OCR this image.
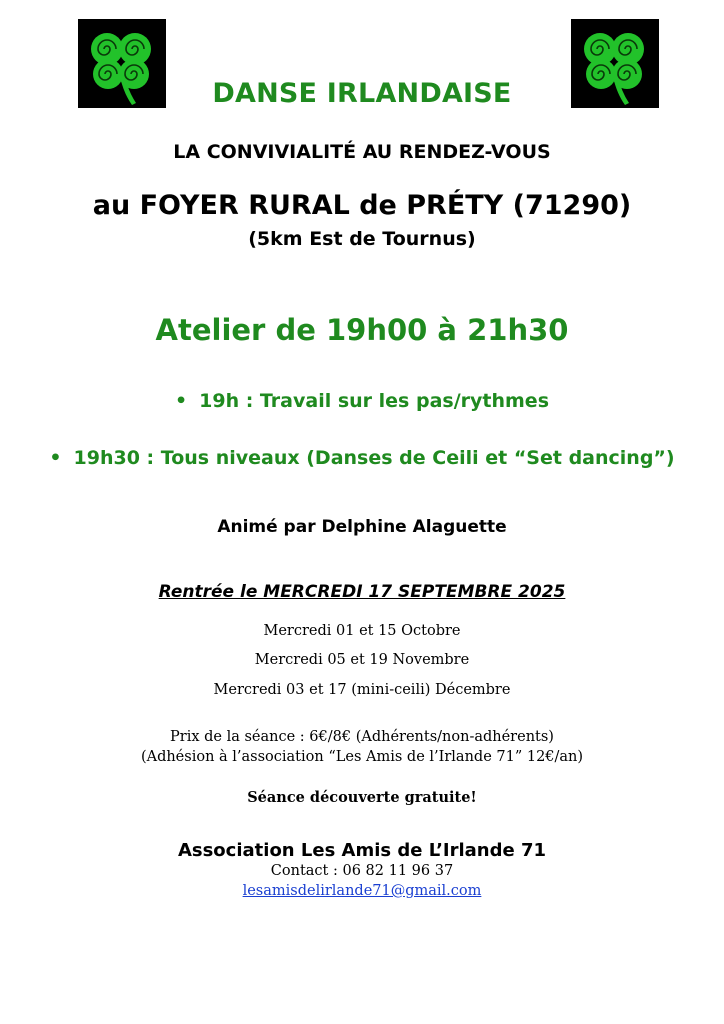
DANSE IRLANDAISE
LA CONVIVIALITÉ AU RENDEZ-VOUS
au FOYER RURAL de PRÉTY (71290)
(5km Est de Tournus)
Atelier de 19h00 à 21h30
• 19h : Travail sur les pas/rythmes
• 19h30 : Tous niveaux (Danses de Ceili et “Set dancing”)
Animé par Delphine Alaguette
Rentrée le MERCREDI 17 SEPTEMBRE 2025
Mercredi 01 et 15 Octobre
Mercredi 05 et 19 Novembre
Mercredi 03 et 17 (mini-ceili) Décembre
Prix de la séance : 6€/8€ (Adhérents/non-adhérents)
(Adhésion à l’association “Les Amis de l’Irlande 71” 12€/an)
Séance découverte gratuite!
Association Les Amis de L’Irlande 71
Contact : 06 82 11 96 37
lesamisdelirlande71@gmail.com
